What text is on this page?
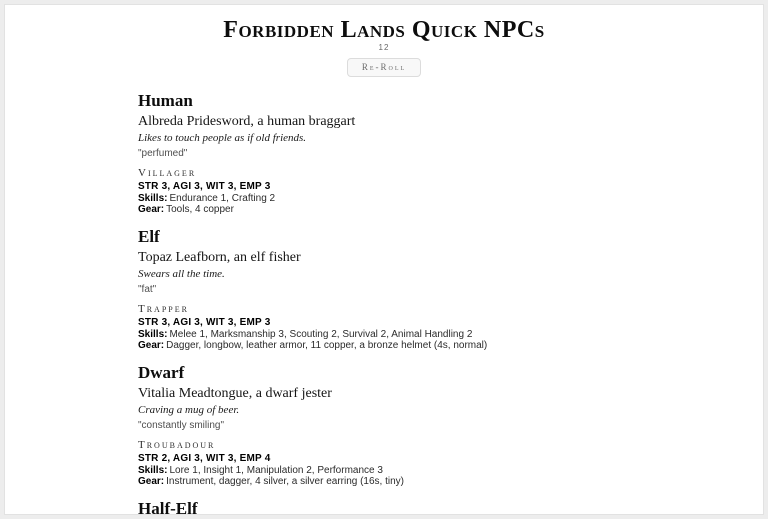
Forbidden Lands Quick NPCs
12
Re-Roll
Human
Albreda Pridesword, a human braggart
Likes to touch people as if old friends.
"perfumed"
Villager
STR 3, AGI 3, WIT 3, EMP 3
Skills: Endurance 1, Crafting 2
Gear: Tools, 4 copper
Elf
Topaz Leafborn, an elf fisher
Swears all the time.
"fat"
Trapper
STR 3, AGI 3, WIT 3, EMP 3
Skills: Melee 1, Marksmanship 3, Scouting 2, Survival 2, Animal Handling 2
Gear: Dagger, longbow, leather armor, 11 copper, a bronze helmet (4s, normal)
Dwarf
Vitalia Meadtongue, a dwarf jester
Craving a mug of beer.
"constantly smiling"
Troubadour
STR 2, AGI 3, WIT 3, EMP 4
Skills: Lore 1, Insight 1, Manipulation 2, Performance 3
Gear: Instrument, dagger, 4 silver, a silver earring (16s, tiny)
Half-Elf
